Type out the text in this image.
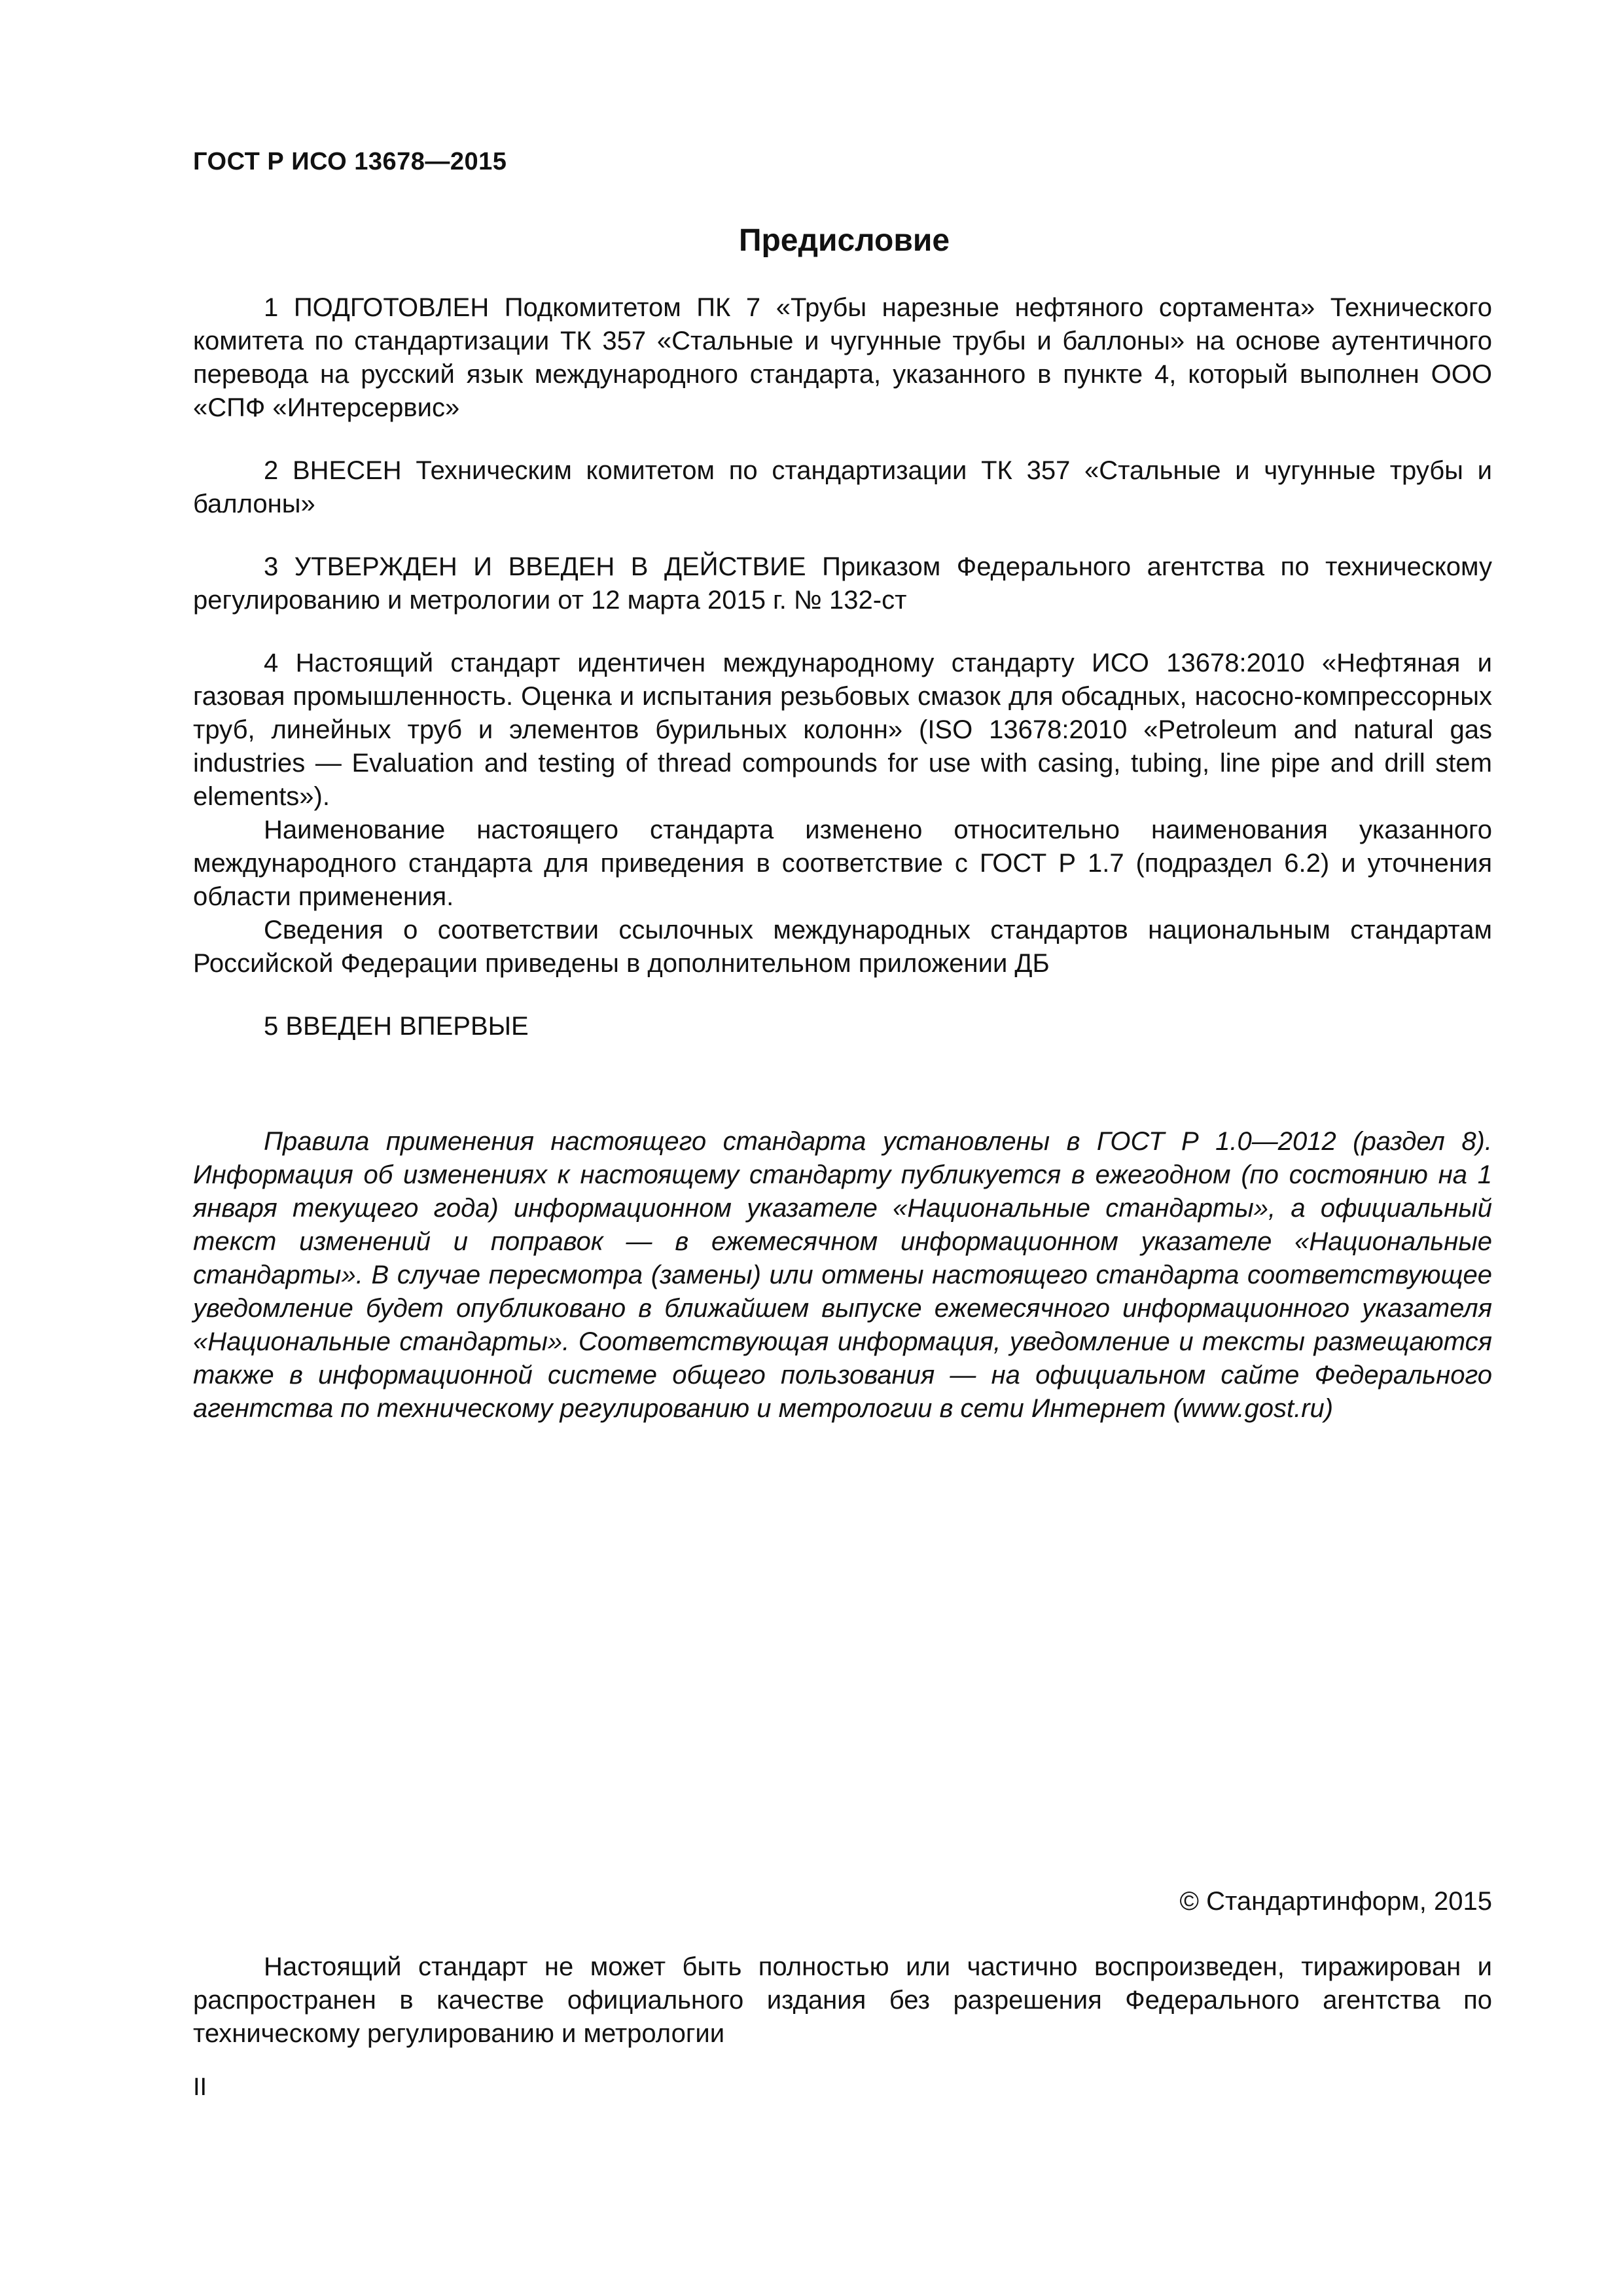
ГОСТ Р ИСО 13678—2015
Предисловие

1 ПОДГОТОВЛЕН Подкомитетом ПК 7 «Трубы нарезные нефтяного сортамента» Технического комитета по стандартизации ТК 357 «Стальные и чугунные трубы и баллоны» на основе аутентичного перевода на русский язык международного стандарта, указанного в пункте 4, который выполнен ООО «СПФ «Интерсервис»

2 ВНЕСЕН Техническим комитетом по стандартизации ТК 357 «Стальные и чугунные трубы и баллоны»

3 УТВЕРЖДЕН И ВВЕДЕН В ДЕЙСТВИЕ Приказом Федерального агентства по техническому регулированию и метрологии от 12 марта 2015 г. № 132-ст

4 Настоящий стандарт идентичен международному стандарту ИСО 13678:2010 «Нефтяная и газовая промышленность. Оценка и испытания резьбовых смазок для обсадных, насосно-компрессорных труб, линейных труб и элементов бурильных колонн» (ISO 13678:2010 «Petroleum and natural gas industries — Evaluation and testing of thread compounds for use with casing, tubing, line pipe and drill stem elements»).

Наименование настоящего стандарта изменено относительно наименования указанного международного стандарта для приведения в соответствие с ГОСТ Р 1.7 (подраздел 6.2) и уточнения области применения.

Сведения о соответствии ссылочных международных стандартов национальным стандартам Российской Федерации приведены в дополнительном приложении ДБ

5 ВВЕДЕН ВПЕРВЫЕ

Правила применения настоящего стандарта установлены в ГОСТ Р 1.0—2012 (раздел 8). Информация об изменениях к настоящему стандарту публикуется в ежегодном (по состоянию на 1 января текущего года) информационном указателе «Национальные стандарты», а официальный текст изменений и поправок — в ежемесячном информационном указателе «Национальные стандарты». В случае пересмотра (замены) или отмены настоящего стандарта соответствующее уведомление будет опубликовано в ближайшем выпуске ежемесячного информационного указателя «Национальные стандарты». Соответствующая информация, уведомление и тексты размещаются также в информационной системе общего пользования — на официальном сайте Федерального агентства по техническому регулированию и метрологии в сети Интернет (www.gost.ru)

© Стандартинформ, 2015

Настоящий стандарт не может быть полностью или частично воспроизведен, тиражирован и распространен в качестве официального издания без разрешения Федерального агентства по техническому регулированию и метрологии

II
